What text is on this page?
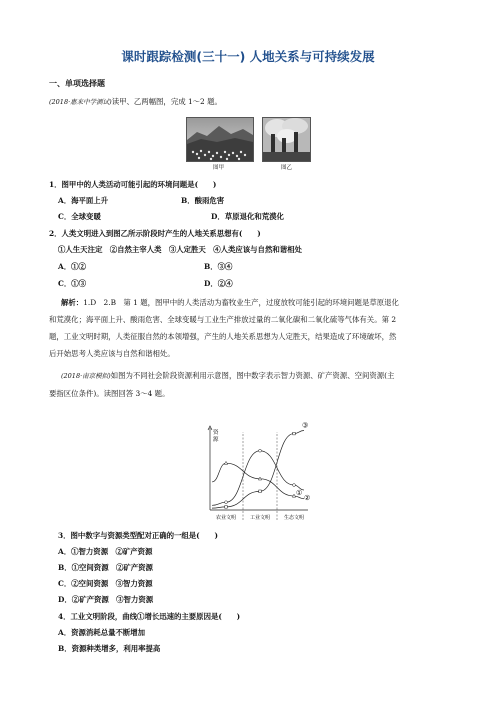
课时跟踪检测(三十一) 人地关系与可持续发展
一、单项选择题
(2018·惠来中学测试)读甲、乙两幅图，完成 1～2 题。
图甲	图乙
1．图甲中的人类活动可能引起的环境问题是(　　)
A．海平面上升	B．酸雨危害
C．全球变暖	D．草原退化和荒漠化
2．人类文明进入到图乙所示阶段时产生的人地关系思想有(　　)
①人生天注定　②自然主宰人类　③人定胜天　④人类应该与自然和谐相处
A．①②	B．③④
C．①③	D．②④
解析：1.D　2.B　第 1 题，图甲中的人类活动为畜牧业生产，过度放牧可能引起的环境问题是草原退化
和荒漠化；海平面上升、酸雨危害、全球变暖与工业生产排放过量的二氧化碳和二氧化硫等气体有关。第 2
题，工业文明时期，人类征服自然的本领增强，产生的人地关系思想为人定胜天，结果造成了环境破坏，然
后开始思考人类应该与自然和谐相处。
(2018·南京模拟)如图为不同社会阶段资源利用示意图，图中数字表示智力资源、矿产资源、空间资源(主
要指区位条件)。读图回答 3～4 题。
资
源
农业文明	工业文明	生态文明
①
②
③
3．图中数字与资源类型配对正确的一组是(　　)
A．①智力资源　②矿产资源
B．①空间资源　②矿产资源
C．②空间资源　③智力资源
D．②矿产资源　③智力资源
4．工业文明阶段，曲线①增长迅速的主要原因是(　　)
A．资源消耗总量不断增加
B．资源种类增多，利用率提高
